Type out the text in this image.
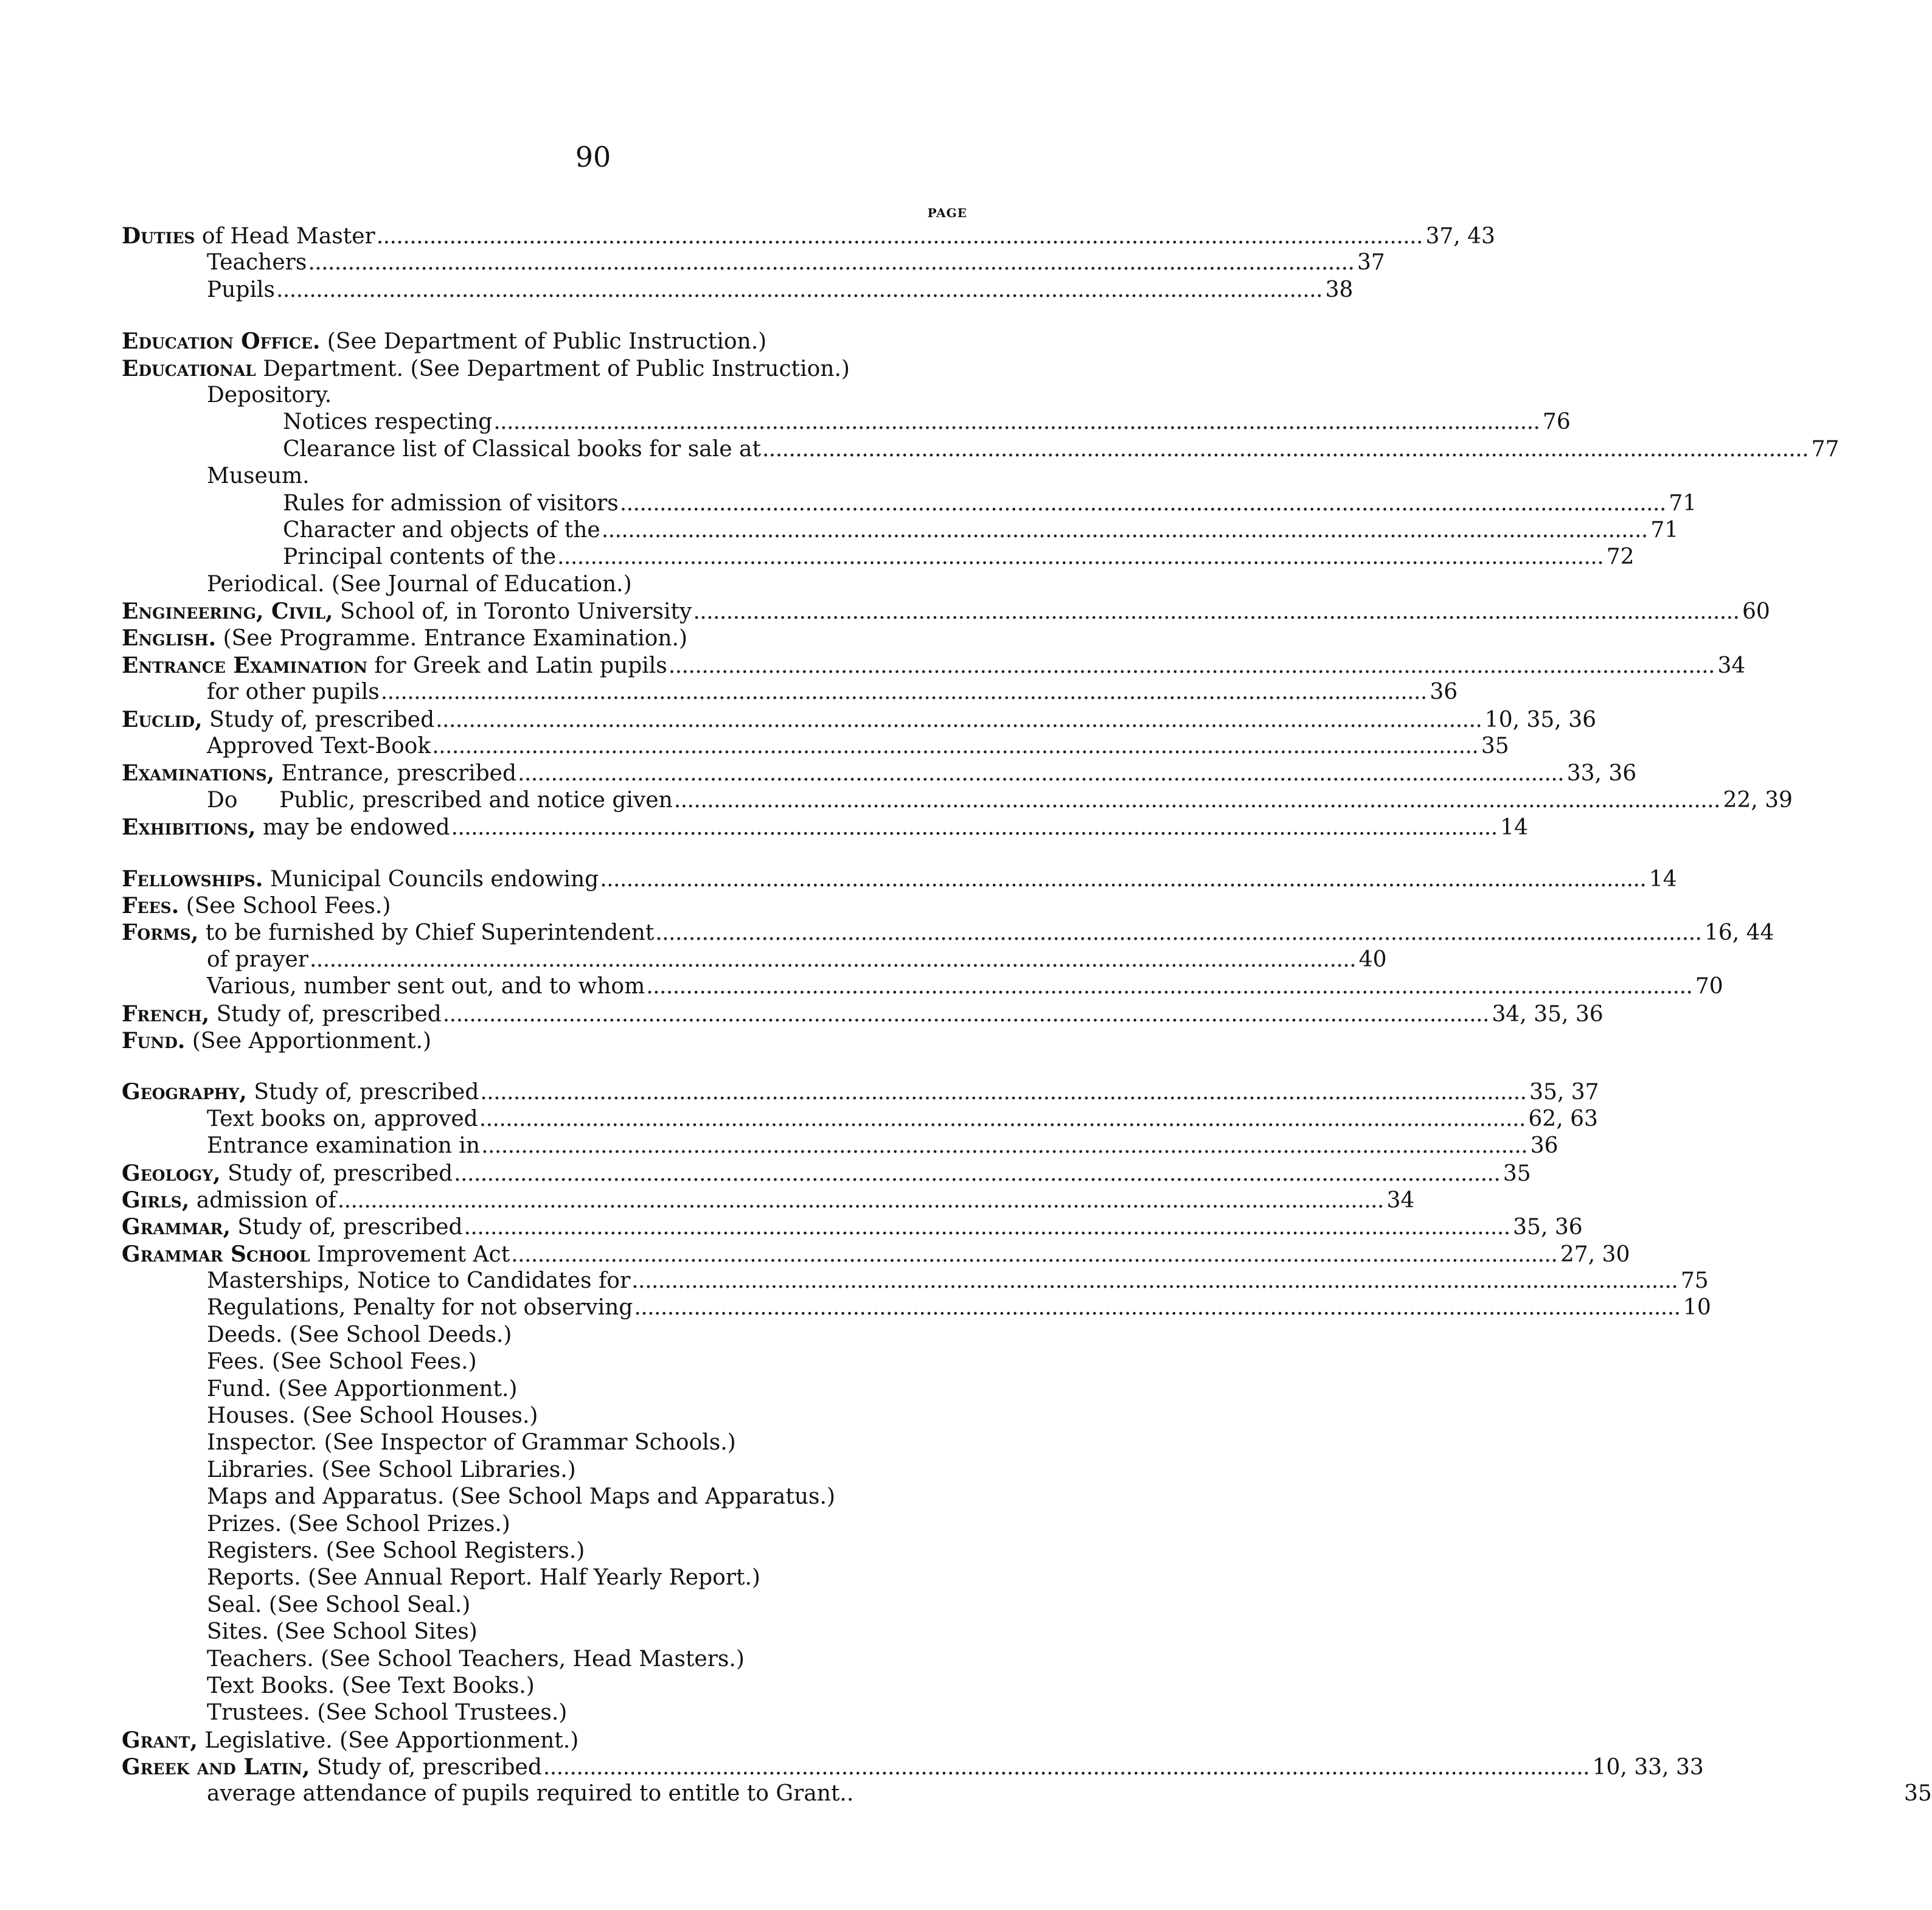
90
PAGE
Duties of Head Master . . .	37, 43
Teachers . . .	37
Pupils . . .	38
Education Office. (See Department of Public Instruction.)
Educational Department. (See Department of Public Instruction.)
Depository.
Notices respecting . . .	76
Clearance list of Classical books for sale at . . .	77
Museum.
Rules for admission of visitors . . .	71
Character and objects of the . . .	71
Principal contents of the . . .	72
Periodical. (See Journal of Education.)
Engineering, Civil, School of, in Toronto University . . .	60
English. (See Programme. Entrance Examination.)
Entrance Examination for Greek and Latin pupils . . .	34
for other pupils . . .	36
Euclid, Study of, prescribed . . .	10, 35, 36
Approved Text-Book . . .	35
Examinations, Entrance, prescribed . . .	33, 36
Do      Public, prescribed and notice given . . .	22, 39
Exhibitions, may be endowed . . .	14
Fellowships. Municipal Councils endowing . . .	14
Fees. (See School Fees.)
Forms, to be furnished by Chief Superintendent . . .	16, 44
of prayer . . .	40
Various, number sent out, and to whom . . .	70
French, Study of, prescribed . . .	34, 35, 36
Fund. (See Apportionment.)
Geography, Study of, prescribed . . .	35, 37
Text books on, approved . . .	62, 63
Entrance examination in . . .	36
Geology, Study of, prescribed . . .	35
Girls, admission of . . .	34
Grammar, Study of, prescribed . . .	35, 36
Grammar School Improvement Act . . .	27, 30
Masterships, Notice to Candidates for . . .	75
Regulations, Penalty for not observing . . .	10
Deeds. (See School Deeds.)
Fees. (See School Fees.)
Fund. (See Apportionment.)
Houses. (See School Houses.)
Inspector. (See Inspector of Grammar Schools.)
Libraries. (See School Libraries.)
Maps and Apparatus. (See School Maps and Apparatus.)
Prizes. (See School Prizes.)
Registers. (See School Registers.)
Reports. (See Annual Report. Half Yearly Report.)
Seal. (See School Seal.)
Sites. (See School Sites)
Teachers. (See School Teachers, Head Masters.)
Text Books. (See Text Books.)
Trustees. (See School Trustees.)
Grant, Legislative. (See Apportionment.)
Greek and Latin, Study of, prescribed . . .	10, 33, 33
average attendance of pupils required to entitle to Grant..	35
